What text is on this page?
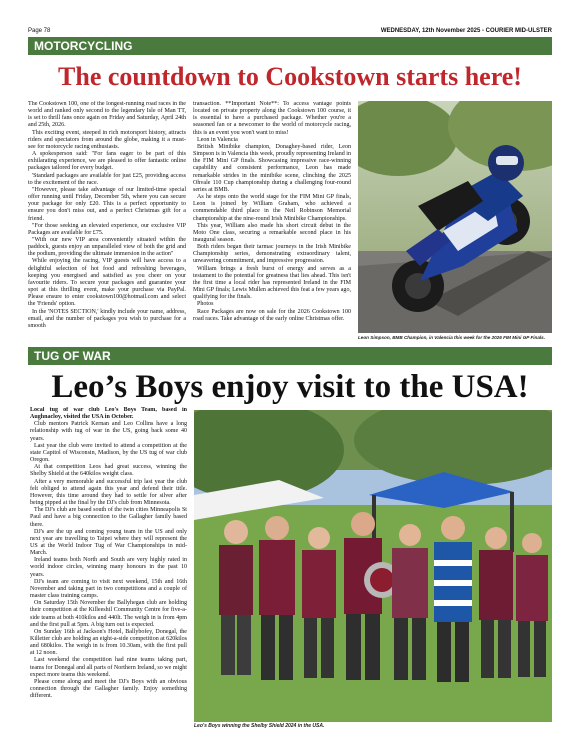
Page 78	WEDNESDAY, 12th November 2025 - COURIER MID-ULSTER
MOTORCYCLING
The countdown to Cookstown starts here!

The Cookstown 100, one of the longest-running road races in the world and ranked only second to the legendary Isle of Man TT, is set to thrill fans once again on Friday and Saturday, April 24th and 25th, 2026.

This exciting event, steeped in rich motorsport history, attracts riders and spectators from around the globe, making it a must-see for motorcycle racing enthusiasts.

A spokesperson said: "For fans eager to be part of this exhilarating experience, we are pleased to offer fantastic online packages tailored for every budget.

'Standard packages are available for just £25, providing access to the excitement of the race.

"However, please take advantage of our limited-time special offer running until Friday, December 5th, where you can secure your package for only £20. This is a perfect opportunity to ensure you don't miss out, and a perfect Christmas gift for a friend.

"For those seeking an elevated experience, our exclusive VIP Packages are available for £75.

"With our new VIP area conveniently situated within the paddock, guests enjoy an unparalleled view of both the grid and the podium, providing the ultimate immersion in the action"

While enjoying the racing, VIP guests will have access to a delightful selection of hot food and refreshing beverages, keeping you energised and satisfied as you cheer on your favourite riders. To secure your packages and guarantee your spot at this thrilling event, make your purchase via PayPal. Please ensure to enter cookstown100@hotmail.com and select the 'Friends' option.

In the 'NOTES SECTION,' kindly include your name, address, email, and the number of packages you wish to purchase for a smooth

transaction. **Important Note**: To access vantage points located on private property along the Cookstown 100 course, it is essential to have a purchased package. Whether you're a seasoned fan or a newcomer to the world of motorcycle racing, this is an event you won't want to miss!

Leon in Valencia

British Minibike champion, Donaghey-based rider, Leon Simpson is in Valencia this week, proudly representing Ireland in the FIM Mini GP finals. Showcasing impressive race-winning capability and consistent performance, Leon has made remarkable strides in the minibike scene, clinching the 2025 Ohvale 110 Cup championship during a challenging four-round series at BMB.

As he steps onto the world stage for the FIM Mini GP finals, Leon is joined by William Graham, who achieved a commendable third place in the Neil Robinson Memorial championship at the nine-round Irish Minibike Championships.

This year, William also made his short circuit debut in the Moto One class, securing a remarkable second place in his inaugural season.

Both riders began their tarmac journeys in the Irish Minibike Championship series, demonstrating extraordinary talent, unwavering commitment, and impressive progression.

William brings a fresh burst of energy and serves as a testament to the potential for greatness that lies ahead. This isn't the first time a local rider has represented Ireland in the FIM Mini GP finals; Lewis Mullen achieved this feat a few years ago, qualifying for the finals.

Photos

Race Packages are now on sale for the 2026 Cookstown 100 road races. Take advantage of the early online Christmas offer.

Leon Simpson, BMB Champion, in Valencia this week for the 2026 FIM Mini GP Finals.
TUG OF WAR
Leo’s Boys enjoy visit to the USA!

Local tug of war club Leo's Boys Team, based in Aughnacloy, visited the USA in October.

Club mentors Patrick Kernan and Leo Collins have a long relationship with tug of war in the US, going back some 40 years.

Last year the club were invited to attend a competition at the state Capitol of Wisconsin, Madison, by the US tug of war club Oregon.

At that competition Leos had great success, winning the Shelby Shield at the 640kilos weight class.

After a very memorable and successful trip last year the club felt obliged to attend again this year and defend their title. However, this time around they had to settle for silver after being pipped at the final by the DJ's club from Minnesota.

The DJ's club are based south of the twin cities Minneapolis St Paul and have a big connection to the Gallagher family based there.

DJ's are the up and coming young team in the US and only next year are travelling to Taipei where they will represent the US at the World Indoor Tug of War Championships in mid-March.

Ireland teams both North and South are very highly rated in world indoor circles, winning many honours in the past 10 years.

DJ's team are coming to visit next weekend, 15th and 16th November and taking part in two competitions and a couple of master class training camps.

On Saturday 15th November the Ballyhegan club are holding their competition at the Killeeshil Community Centre for five-a-side teams at both 410kilos and 440lt. The weigh in is from 4pm and the first pull at 5pm. A big turn out is expected.

On Sunday 16th at Jackson's Hotel, Ballybofey, Donegal, the Killetter club are holding an eight-a-side competition at 620kilos and 680kilos. The weigh in is from 10.30am, with the first pull at 12 noon.

Last weekend the competition had nine teams taking part, teams for Donegal and all parts of Northern Ireland, so we might expect more teams this weekend.

Please come along and meet the DJ's Boys with an obvious connection through the Gallagher family. Enjoy something different.

Leo's Boys winning the Shelby Shield 2024 in the USA.
